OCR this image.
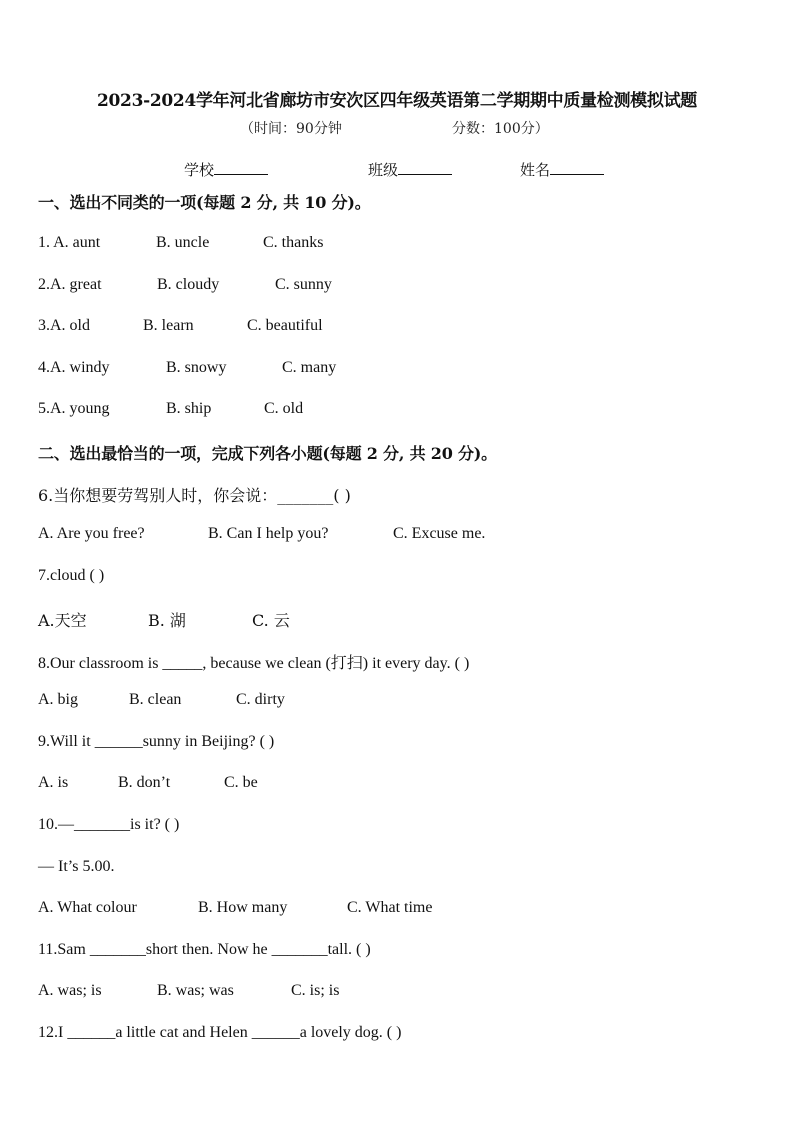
2023-2024学年河北省廊坊市安次区四年级英语第二学期期中质量检测模拟试题
（时间：90分钟	分数：100分）
学校	班级	姓名
一、选出不同类的一项(每题 2 分, 共 10 分)。
1. A. aunt	B. uncle	C. thanks
2.A. great	B. cloudy	C. sunny
3.A. old	B. learn	C. beautiful
4.A. windy	B. snowy	C. many
5.A. young	B. ship	C. old
二、选出最恰当的一项，完成下列各小题(每题 2 分, 共 20 分)。
6.当你想要劳驾别人时，你会说：_______( )
A. Are you free?	B. Can I help you?	C. Excuse me.
7.cloud ( )
A.天空	B. 湖	C. 云
8.Our classroom is _____, because we clean (打扫) it every day. ( )
A. big	B. clean	C. dirty
9.Will it ______sunny in Beijing? ( )
A. is	B. don’t	C. be
10.—_______is it? ( )
— It’s 5.00.
A. What colour	B. How many	C. What time
11.Sam _______short then. Now he _______tall. ( )
A. was; is	B. was; was	C. is; is
12.I ______a little cat and Helen ______a lovely dog. ( )
